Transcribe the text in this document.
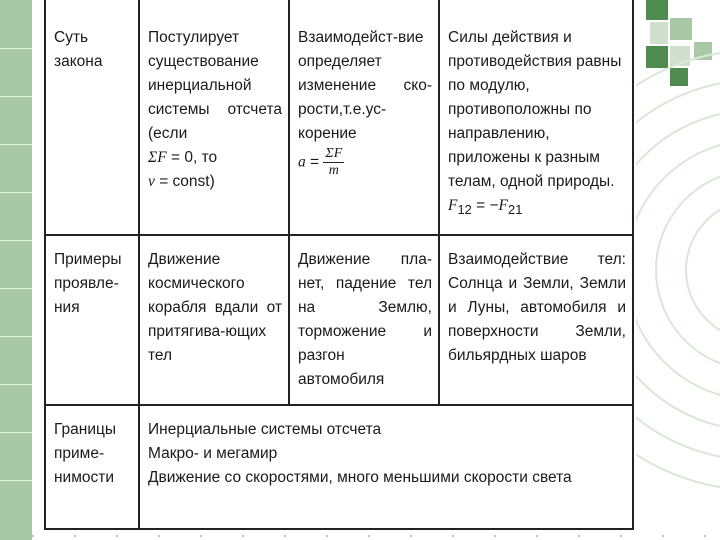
Суть
закона
Постулирует существование инерциальной системы отсчета (если
ΣF = 0, то
v = const)
Взаимодейст-вие определяет изменение ско-рости,т.е.ус-корение
$a = \frac{\Sigma F}{m}$
Силы действия и противодействия равны по модулю, противоположны по направлению, приложены к разным телам, одной природы. $F_{12} = -F_{21}$
Примеры проявле-ния
Движение космического корабля вдали от притягива-ющих тел
Движение пла-нет, падение тел на Землю, торможение и разгон автомобиля
Взаимодействие тел: Солнца и Земли, Земли и Луны, автомобиля и поверхности Земли, бильярдных шаров
Границы приме-нимости
Инерциальные системы отсчета
Макро- и мегамир
Движение со скоростями, много меньшими скорости света
